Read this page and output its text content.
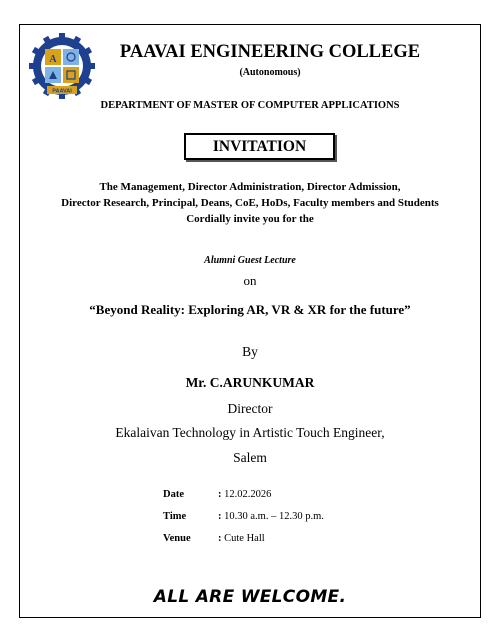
A
PAAVAI
PAAVAI ENGINEERING COLLEGE
(Autonomous)
DEPARTMENT OF MASTER OF COMPUTER APPLICATIONS
INVITATION
The Management, Director Administration, Director Admission,
Director Research, Principal, Deans, CoE, HoDs, Faculty members and Students
Cordially invite you for the
Alumni Guest Lecture
on
“Beyond Reality: Exploring AR, VR & XR for the future”
By
Mr. C.ARUNKUMAR
Director
Ekalaivan Technology in Artistic Touch Engineer,
Salem
Date	: 12.02.2026
Time	: 10.30 a.m. – 12.30 p.m.
Venue	: Cute Hall
ALL ARE WELCOME.
